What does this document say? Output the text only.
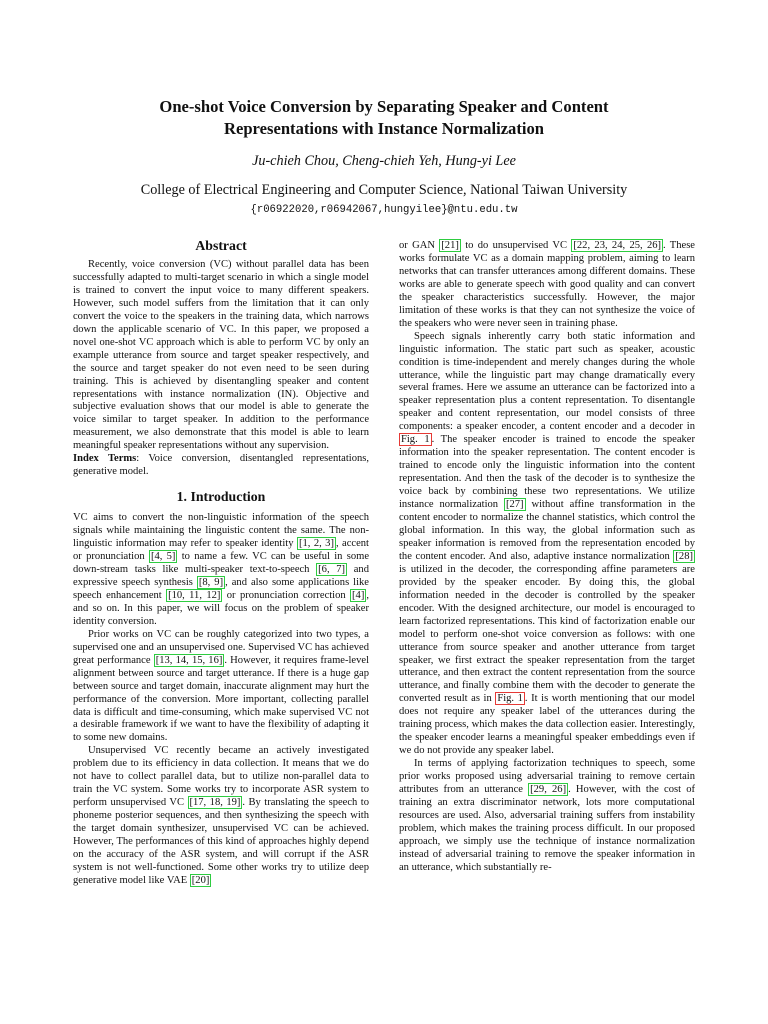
One-shot Voice Conversion by Separating Speaker and Content
Representations with Instance Normalization
Ju-chieh Chou, Cheng-chieh Yeh, Hung-yi Lee
College of Electrical Engineering and Computer Science, National Taiwan University
{r06922020,r06942067,hungyilee}@ntu.edu.tw
Abstract

Recently, voice conversion (VC) without parallel data has been successfully adapted to multi-target scenario in which a single model is trained to convert the input voice to many different speakers. However, such model suffers from the limitation that it can only convert the voice to the speakers in the training data, which narrows down the applicable scenario of VC. In this paper, we proposed a novel one-shot VC approach which is able to perform VC by only an example utterance from source and target speaker respectively, and the source and target speaker do not even need to be seen during training. This is achieved by disentangling speaker and content representations with instance normalization (IN). Objective and subjective evaluation shows that our model is able to generate the voice similar to target speaker. In addition to the performance measurement, we also demonstrate that this model is able to learn meaningful speaker representations without any supervision.

Index Terms: Voice conversion, disentangled representations, generative model.

1. Introduction

VC aims to convert the non-linguistic information of the speech signals while maintaining the linguistic content the same. The non-linguistic information may refer to speaker identity [1, 2, 3] , accent or pronunciation [4, 5] to name a few. VC can be useful in some down-stream tasks like multi-speaker text-to-speech [6, 7] and expressive speech synthesis [8, 9] , and also some applications like speech enhancement [10, 11, 12] or pronunciation correction [4] , and so on. In this paper, we will focus on the problem of speaker identity conversion.

Prior works on VC can be roughly categorized into two types, a supervised one and an unsupervised one. Supervised VC has achieved great performance [13, 14, 15, 16] . However, it requires frame-level alignment between source and target utterance. If there is a huge gap between source and target domain, inaccurate alignment may hurt the performance of the conversion. More important, collecting parallel data is difficult and time-consuming, which make supervised VC not a desirable framework if we want to have the flexibility of adapting it to some new domains.

Unsupervised VC recently became an actively investigated problem due to its efficiency in data collection. It means that we do not have to collect parallel data, but to utilize non-parallel data to train the VC system. Some works try to incorporate ASR system to perform unsupervised VC [17, 18, 19] . By translating the speech to phoneme posterior sequences, and then synthesizing the speech with the target domain synthesizer, unsupervised VC can be achieved. However, The performances of this kind of approaches highly depend on the accuracy of the ASR system, and will corrupt if the ASR system is not well-functioned. Some other works try to utilize deep generative model like VAE [20]

or GAN [21] to do unsupervised VC [22, 23, 24, 25, 26] . These works formulate VC as a domain mapping problem, aiming to learn networks that can transfer utterances among different domains. These works are able to generate speech with good quality and can convert the speaker characteristics successfully. However, the major limitation of these works is that they can not synthesize the voice of the speakers who were never seen in training phase.

Speech signals inherently carry both static information and linguistic information. The static part such as speaker, acoustic condition is time-independent and merely changes during the whole utterance, while the linguistic part may change dramatically every several frames. Here we assume an utterance can be factorized into a speaker representation plus a content representation. To disentangle speaker and content representation, our model consists of three components: a speaker encoder, a content encoder and a decoder in Fig. 1 . The speaker encoder is trained to encode the speaker information into the speaker representation. The content encoder is trained to encode only the linguistic information into the content representation. And then the task of the decoder is to synthesize the voice back by combining these two representations. We utilize instance normalization [27] without affine transformation in the content encoder to normalize the channel statistics, which control the global information. In this way, the global information such as speaker information is removed from the representation encoded by the content encoder. And also, adaptive instance normalization [28] is utilized in the decoder, the corresponding affine parameters are provided by the speaker encoder. By doing this, the global information needed in the decoder is controlled by the speaker encoder. With the designed architecture, our model is encouraged to learn factorized representations. This kind of factorization enable our model to perform one-shot voice conversion as follows: with one utterance from source speaker and another utterance from target speaker, we first extract the speaker representation from the target utterance, and then extract the content representation from the source utterance, and finally combine them with the decoder to generate the converted result as in Fig. 1 . It is worth mentioning that our model does not require any speaker label of the utterances during the training process, which makes the data collection easier. Interestingly, the speaker encoder learns a meaningful speaker embeddings even if we do not provide any speaker label.

In terms of applying factorization techniques to speech, some prior works proposed using adversarial training to remove certain attributes from an utterance [29, 26] . However, with the cost of training an extra discriminator network, lots more computational resources are used. Also, adversarial training suffers from instability problem, which makes the training process difficult. In our proposed approach, we simply use the technique of instance normalization instead of adversarial training to remove the speaker information in an utterance, which substantially re-
